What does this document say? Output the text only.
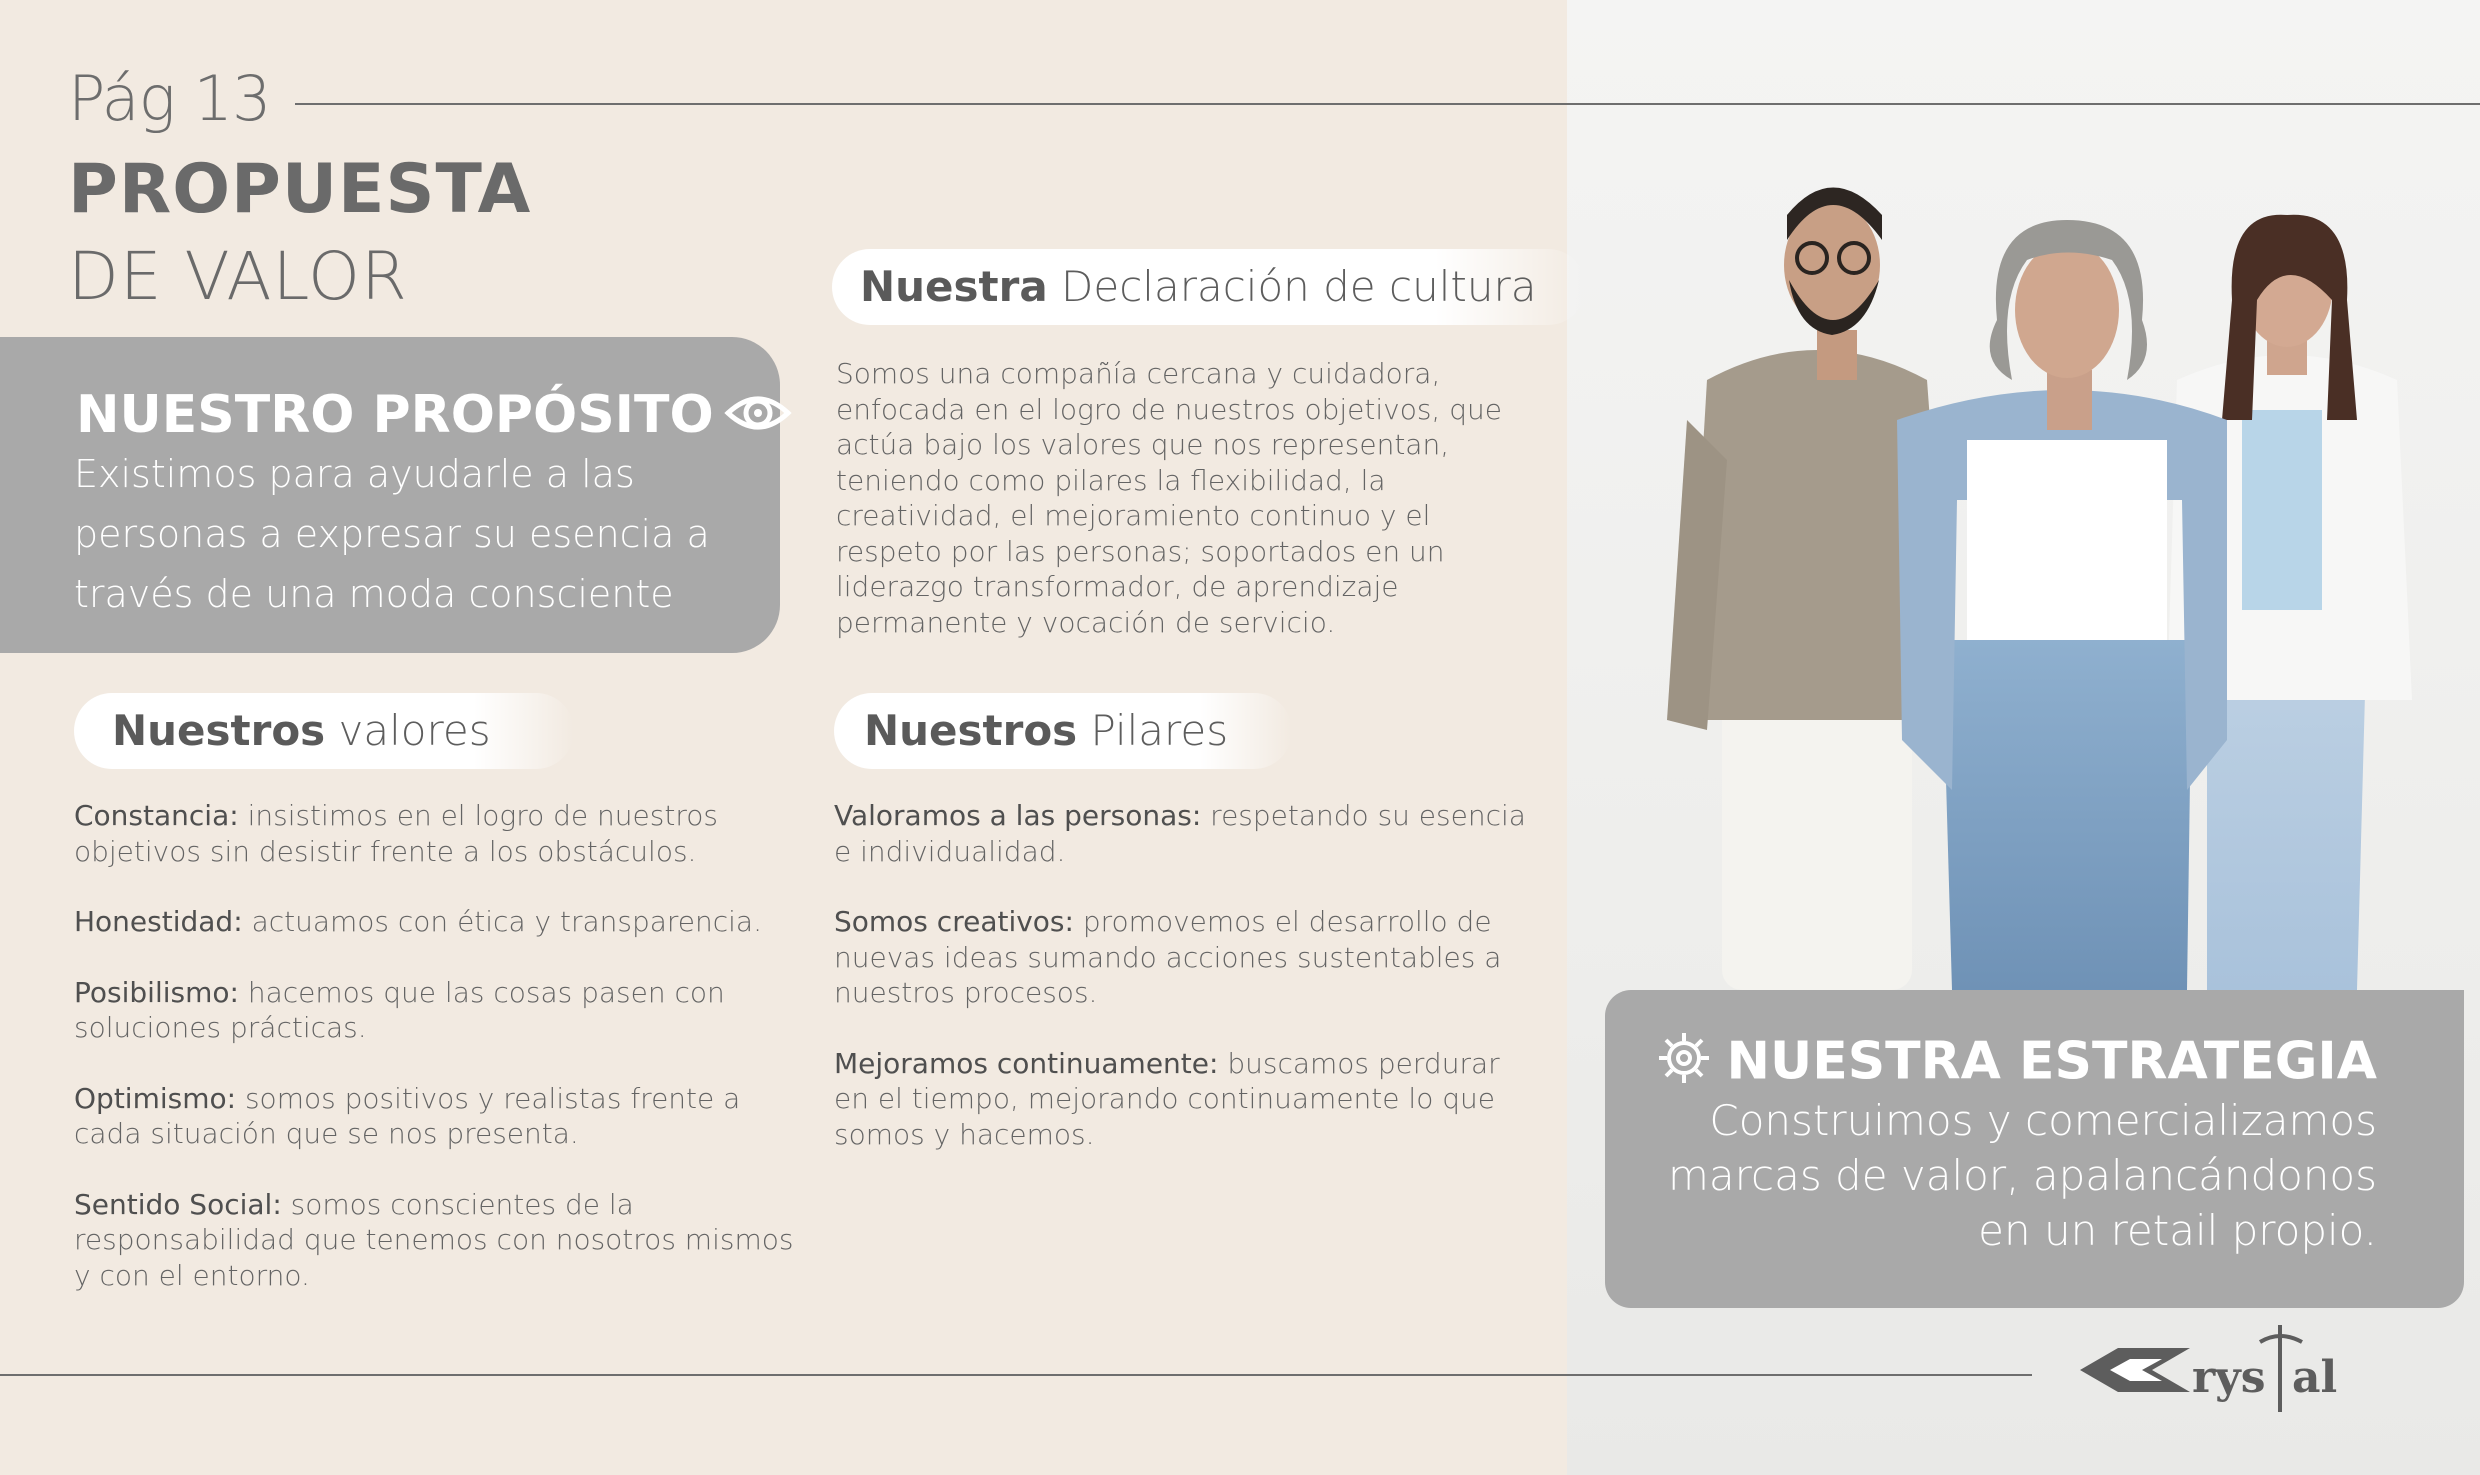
Pág 13
PROPUESTA
DE VALOR
NUESTRO PROPÓSITO
Existimos para ayudarle a las personas a expresar su esencia a través de una moda consciente
Nuestra Declaración de cultura
Somos una compañía cercana y cuidadora, enfocada en el logro de nuestros objetivos, que actúa bajo los valores que nos representan, teniendo como pilares la flexibilidad, la creatividad, el mejoramiento continuo y el respeto por las personas; soportados en un liderazgo transformador, de aprendizaje permanente y vocación de servicio.
Nuestros valores
Constancia: insistimos en el logro de nuestros objetivos sin desistir frente a los obstáculos.
Honestidad: actuamos con ética y transparencia.
Posibilismo: hacemos que las cosas pasen con soluciones prácticas.
Optimismo: somos positivos y realistas frente a cada situación que se nos presenta.
Sentido Social: somos conscientes de la responsabilidad que tenemos con nosotros mismos y con el entorno.
Nuestros Pilares
Valoramos a las personas: respetando su esencia e individualidad.
Somos creativos: promovemos el desarrollo de nuevas ideas sumando acciones sustentables a nuestros procesos.
Mejoramos continuamente: buscamos perdurar en el tiempo, mejorando continuamente lo que somos y hacemos.
NUESTRA ESTRATEGIA
Construimos y comercializamos marcas de valor, apalancándonos en un retail propio.
rys al
